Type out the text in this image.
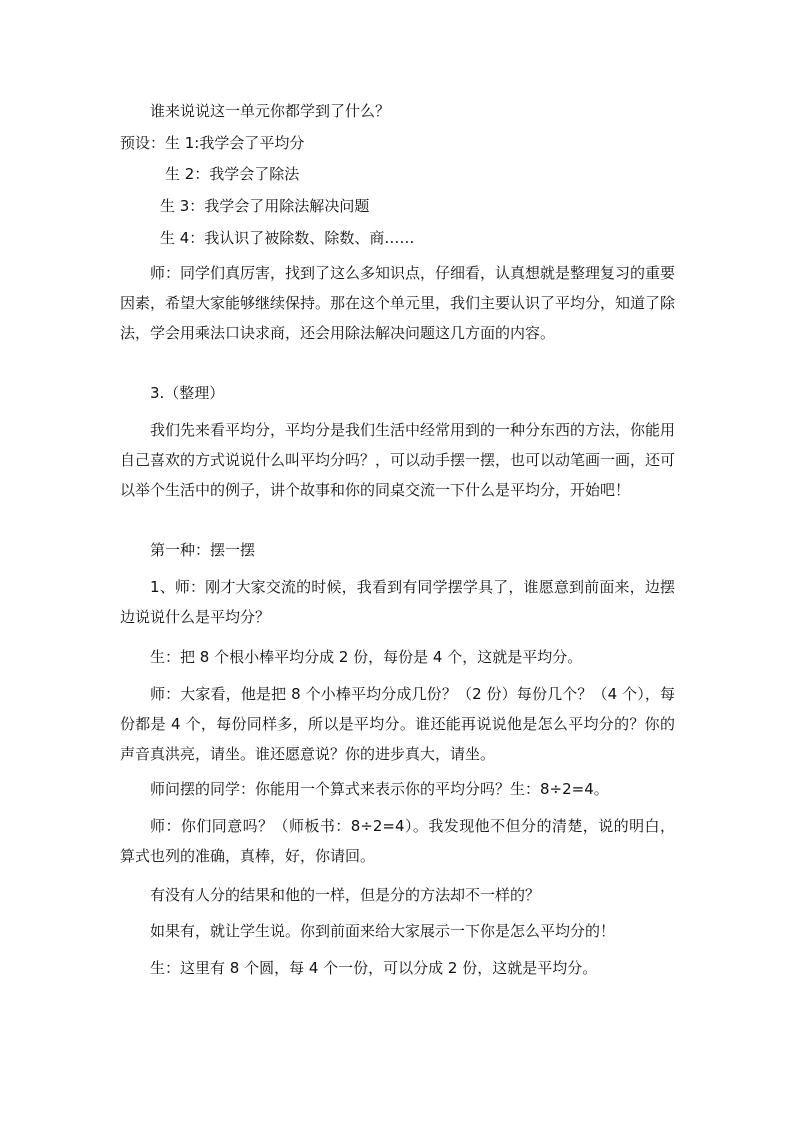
谁来说说这一单元你都学到了什么？
预设：生 1:我学会了平均分
生 2：我学会了除法
生 3：我学会了用除法解决问题
生 4：我认识了被除数、除数、商……
师：同学们真厉害，找到了这么多知识点，仔细看，认真想就是整理复习的重要因素，希望大家能够继续保持。那在这个单元里，我们主要认识了平均分，知道了除法，学会用乘法口诀求商，还会用除法解决问题这几方面的内容。
3.（整理）
我们先来看平均分，平均分是我们生活中经常用到的一种分东西的方法，你能用自己喜欢的方式说说什么叫平均分吗？，可以动手摆一摆，也可以动笔画一画，还可以举个生活中的例子，讲个故事和你的同桌交流一下什么是平均分，开始吧！
第一种：摆一摆
1、师：刚才大家交流的时候，我看到有同学摆学具了，谁愿意到前面来，边摆边说说什么是平均分？
生：把 8 个根小棒平均分成 2 份，每份是 4 个，这就是平均分。
师：大家看，他是把 8 个小棒平均分成几份？（2 份）每份几个？（4 个），每份都是 4 个，每份同样多，所以是平均分。谁还能再说说他是怎么平均分的？你的声音真洪亮，请坐。谁还愿意说？你的进步真大，请坐。
师问摆的同学：你能用一个算式来表示你的平均分吗？生：8÷2=4。
师：你们同意吗？（师板书：8÷2=4）。我发现他不但分的清楚，说的明白，算式也列的准确，真棒，好，你请回。
有没有人分的结果和他的一样，但是分的方法却不一样的？
如果有，就让学生说。你到前面来给大家展示一下你是怎么平均分的！
生：这里有 8 个圆，每 4 个一份，可以分成 2 份，这就是平均分。
